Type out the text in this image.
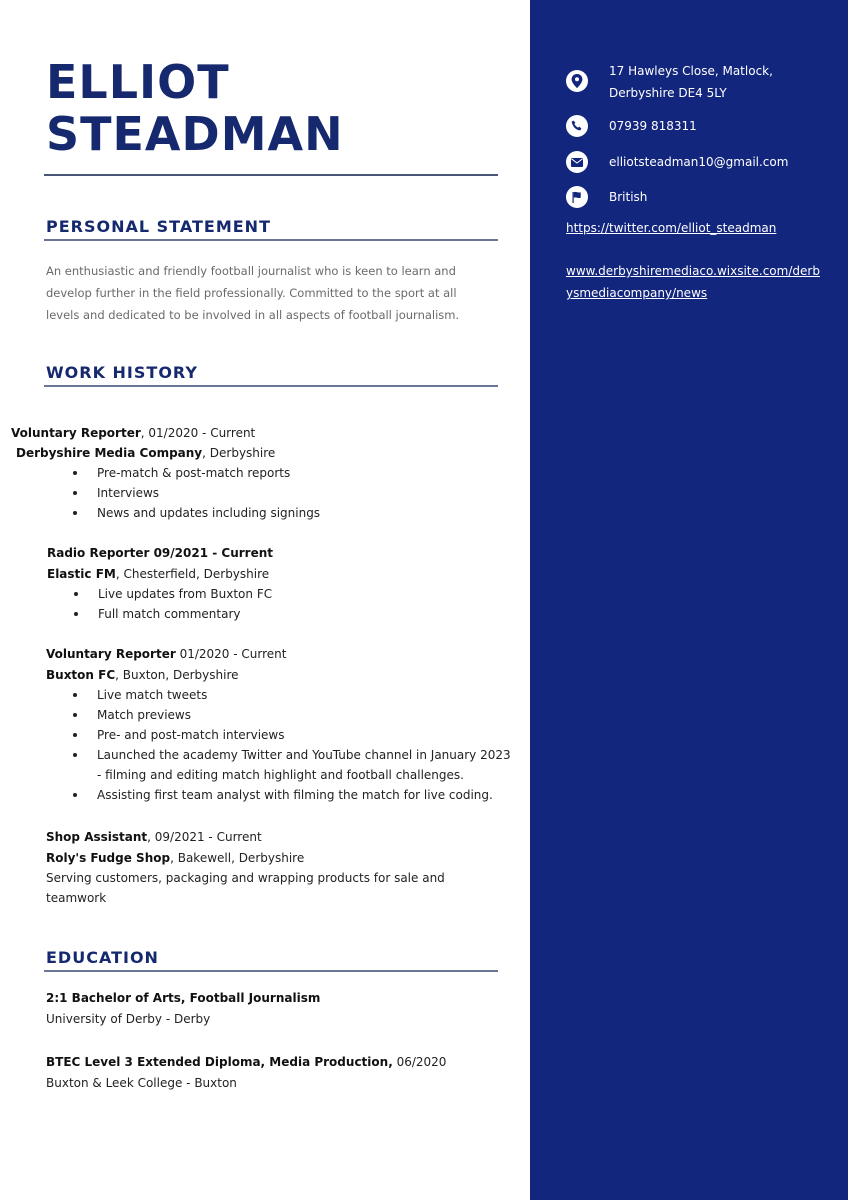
ELLIOT
STEADMAN
PERSONAL STATEMENT

An enthusiastic and friendly football journalist who is keen to learn and develop further in the field professionally. Committed to the sport at all levels and dedicated to be involved in all aspects of football journalism.

WORK HISTORY

Voluntary Reporter, 01/2020 - Current

Derbyshire Media Company, Derbyshire

Pre-match & post-match reports
Interviews
News and updates including signings

Radio Reporter 09/2021 - Current

Elastic FM, Chesterfield, Derbyshire

Live updates from Buxton FC
Full match commentary

Voluntary Reporter 01/2020 - Current

Buxton FC, Buxton, Derbyshire

Live match tweets
Match previews
Pre- and post-match interviews
Launched the academy Twitter and YouTube channel in January 2023 - filming and editing match highlight and football challenges.
Assisting first team analyst with filming the match for live coding.

Shop Assistant, 09/2021 - Current

Roly's Fudge Shop, Bakewell, Derbyshire

Serving customers, packaging and wrapping products for sale and teamwork

EDUCATION

2:1 Bachelor of Arts, Football Journalism

University of Derby - Derby

BTEC Level 3 Extended Diploma, Media Production, 06/2020

Buxton & Leek College - Buxton

17 Hawleys Close, Matlock, Derbyshire DE4 5LY
07939 818311
elliotsteadman10@gmail.com
British
https://twitter.com/elliot_steadman
www.derbyshiremediaco.wixsite.com/derbysmediacompany/news
